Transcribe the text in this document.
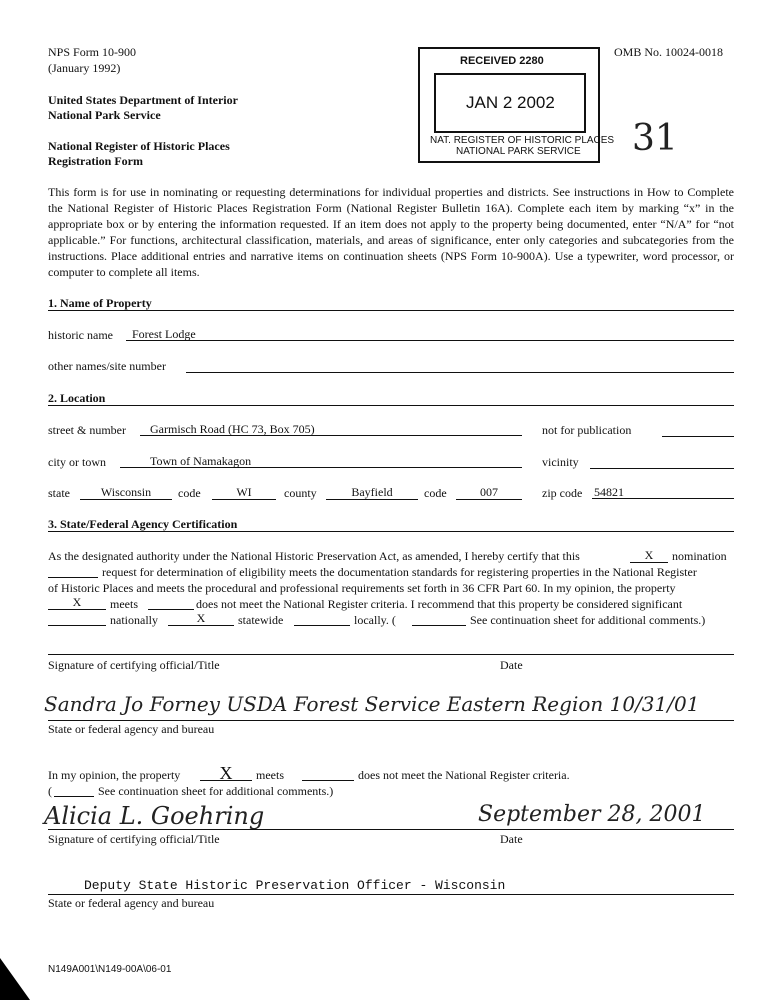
NPS Form 10-900
(January 1992)
OMB No. 10024-0018
United States Department of Interior
National Park Service
National Register of Historic Places
Registration Form
RECEIVED 2280
JAN 2 2002
NAT. REGISTER OF HISTORIC PLACES
NATIONAL PARK SERVICE 31
This form is for use in nominating or requesting determinations for individual properties and districts. See instructions in How to Complete the National Register of Historic Places Registration Form (National Register Bulletin 16A). Complete each item by marking “x” in the appropriate box or by entering the information requested. If an item does not apply to the property being documented, enter “N/A” for “not applicable.” For functions, architectural classification, materials, and areas of significance, enter only categories and subcategories from the instructions. Place additional entries and narrative items on continuation sheets (NPS Form 10-900A). Use a typewriter, word processor, or computer to complete all items.
1. Name of Property
historic name	Forest Lodge
other names/site number
2. Location
street & number	Garmisch Road (HC 73, Box 705)	not for publication
city or town	Town of Namakagon	vicinity
state	Wisconsin	code	WI	county	Bayfield	code	007	zip code 54821
3. State/Federal Agency Certification
As the designated authority under the National Historic Preservation Act, as amended, I hereby certify that this	X	nomination
request for determination of eligibility meets the documentation standards for registering properties in the National Register
of Historic Places and meets the procedural and professional requirements set forth in 36 CFR Part 60. In my opinion, the property
X	meets	does not meet the National Register criteria. I recommend that this property be considered significant
nationally	X	statewide	locally. (	See continuation sheet for additional comments.)
Signature of certifying official/Title	Date
Sandra Jo Forney USDA Forest Service Eastern Region 10/31/01
State or federal agency and bureau
In my opinion, the property	X	meets	does not meet the National Register criteria.
(	See continuation sheet for additional comments.)
Alicia L. Goehring	September 28, 2001
Signature of certifying official/Title	Date
Deputy State Historic Preservation Officer - Wisconsin
State or federal agency and bureau
N149A001\N149-00A\06-01
